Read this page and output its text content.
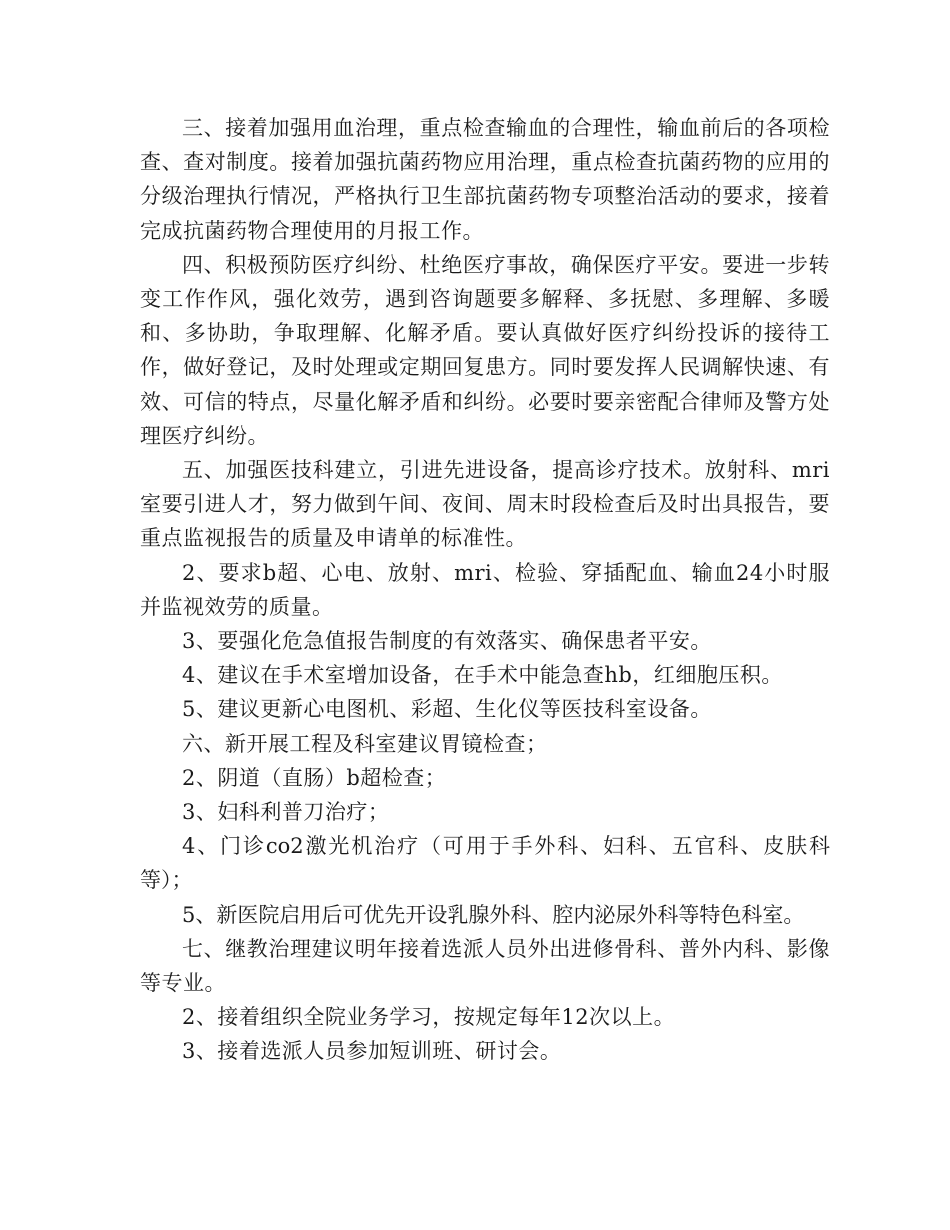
三、接着加强用血治理，重点检查输血的合理性，输血前后的各项检查、查对制度。接着加强抗菌药物应用治理，重点检查抗菌药物的应用的分级治理执行情况，严格执行卫生部抗菌药物专项整治活动的要求，接着完成抗菌药物合理使用的月报工作。

四、积极预防医疗纠纷、杜绝医疗事故，确保医疗平安。要进一步转变工作作风，强化效劳，遇到咨询题要多解释、多抚慰、多理解、多暖和、多协助，争取理解、化解矛盾。要认真做好医疗纠纷投诉的接待工作，做好登记，及时处理或定期回复患方。同时要发挥人民调解快速、有效、可信的特点，尽量化解矛盾和纠纷。必要时要亲密配合律师及警方处理医疗纠纷。

五、加强医技科建立，引进先进设备，提高诊疗技术。放射科、mri室要引进人才，努力做到午间、夜间、周末时段检查后及时出具报告，要重点监视报告的质量及申请单的标准性。

2、要求b超、心电、放射、mri、检验、穿插配血、输血24小时服并监视效劳的质量。

3、要强化危急值报告制度的有效落实、确保患者平安。

4、建议在手术室增加设备，在手术中能急查hb，红细胞压积。

5、建议更新心电图机、彩超、生化仪等医技科室设备。

六、新开展工程及科室建议胃镜检查；

2、阴道（直肠）b超检查；

3、妇科利普刀治疗；

4、门诊co2激光机治疗（可用于手外科、妇科、五官科、皮肤科等）；

5、新医院启用后可优先开设乳腺外科、腔内泌尿外科等特色科室。

七、继教治理建议明年接着选派人员外出进修骨科、普外内科、影像等专业。

2、接着组织全院业务学习，按规定每年12次以上。

3、接着选派人员参加短训班、研讨会。
